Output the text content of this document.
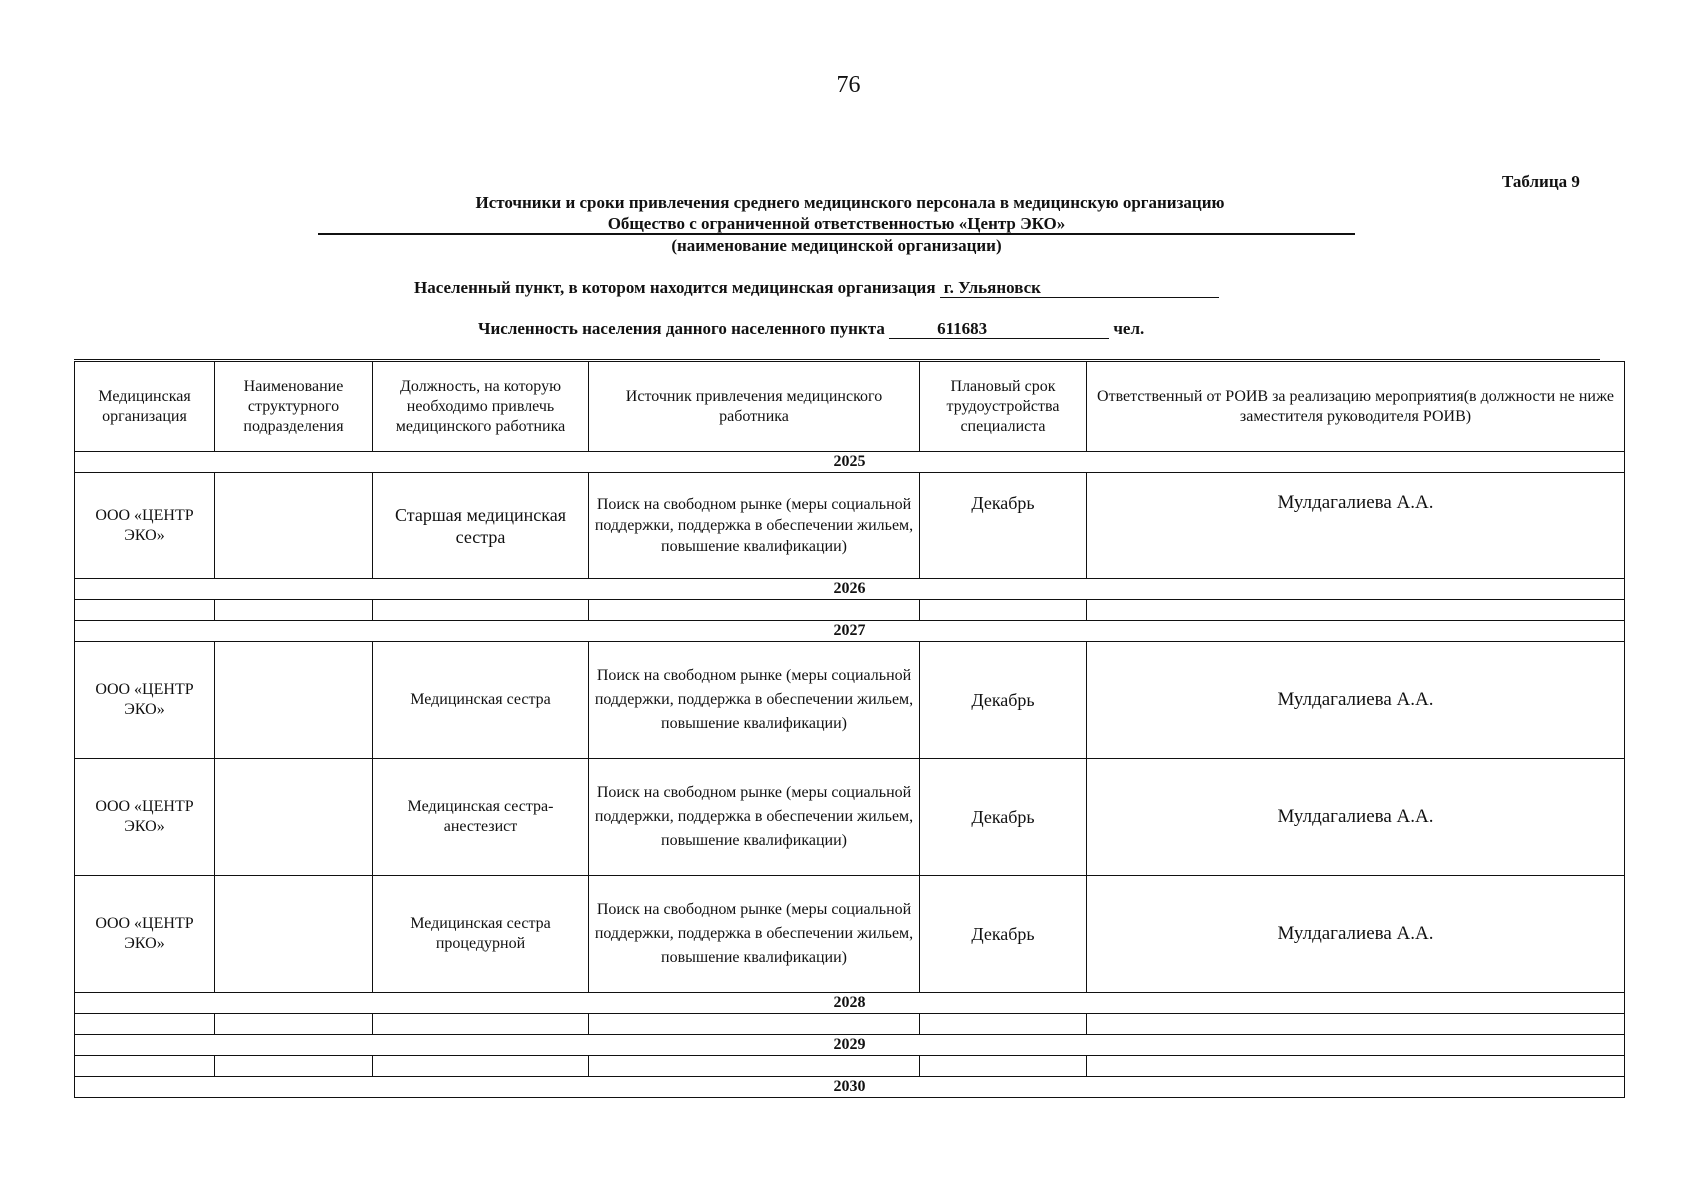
76
Таблица 9
Источники и сроки привлечения среднего медицинского персонала в медицинскую организацию
Общество с ограниченной ответственностью «Центр ЭКО»
(наименование медицинской организации)
Населенный пункт, в котором находится медицинская организация г. Ульяновск
Численность населения данного населенного пункта	611683	чел.
Медицинская организация	Наименование структурного подразделения	Должность, на которую необходимо привлечь медицинского работника	Источник привлечения медицинского работника	Плановый срок трудоустройства специалиста	Ответственный от РОИВ за реализацию мероприятия(в должности не ниже заместителя руководителя РОИВ)
2025					
ООО «ЦЕНТР ЭКО»		Старшая медицинская сестра	Поиск на свободном рынке (меры социальной поддержки, поддержка в обеспечении жильем, повышение квалификации)	Декабрь	Мулдагалиева А.А.
2026					

2027					
ООО «ЦЕНТР ЭКО»		Медицинская сестра	Поиск на свободном рынке (меры социальной поддержки, поддержка в обеспечении жильем, повышение квалификации)	Декабрь	Мулдагалиева А.А.
ООО «ЦЕНТР ЭКО»		Медицинская сестра-анестезист	Поиск на свободном рынке (меры социальной поддержки, поддержка в обеспечении жильем, повышение квалификации)	Декабрь	Мулдагалиева А.А.
ООО «ЦЕНТР ЭКО»		Медицинская сестра процедурной	Поиск на свободном рынке (меры социальной поддержки, поддержка в обеспечении жильем, повышение квалификации)	Декабрь	Мулдагалиева А.А.
2028					

2029					

2030					
